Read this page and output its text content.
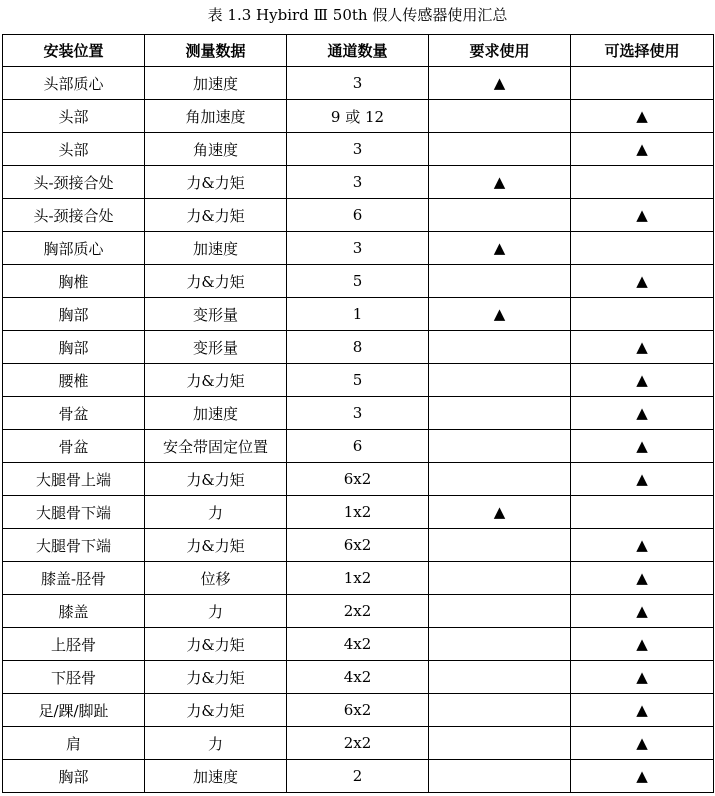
表 1.3 Hybird Ⅲ 50th 假人传感器使用汇总
安装位置	测量数据	通道数量	要求使用	可选择使用
头部质心	加速度	3	▲	
头部	角加速度	9 或 12		▲
头部	角速度	3		▲
头-颈接合处	力&力矩	3	▲	
头-颈接合处	力&力矩	6		▲
胸部质心	加速度	3	▲	
胸椎	力&力矩	5		▲
胸部	变形量	1	▲	
胸部	变形量	8		▲
腰椎	力&力矩	5		▲
骨盆	加速度	3		▲
骨盆	安全带固定位置	6		▲
大腿骨上端	力&力矩	6x2		▲
大腿骨下端	力	1x2	▲	
大腿骨下端	力&力矩	6x2		▲
膝盖-胫骨	位移	1x2		▲
膝盖	力	2x2		▲
上胫骨	力&力矩	4x2		▲
下胫骨	力&力矩	4x2		▲
足/踝/脚趾	力&力矩	6x2		▲
肩	力	2x2		▲
胸部	加速度	2		▲
